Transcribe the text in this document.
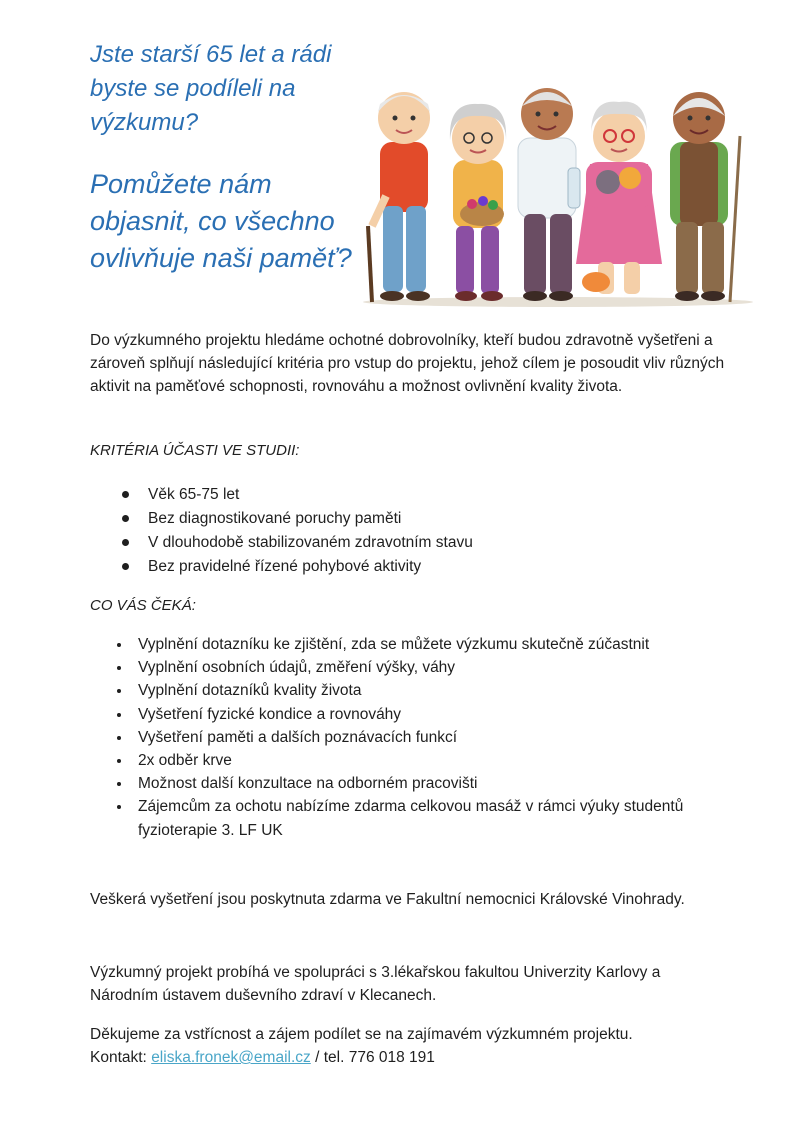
Jste starší 65 let a rádi byste se podíleli na výzkumu?

Pomůžete nám objasnit, co všechno ovlivňuje naši paměť?

Do výzkumného projektu hledáme ochotné dobrovolníky, kteří budou zdravotně vyšetřeni a zároveň splňují následující kritéria pro vstup do projektu, jehož cílem je posoudit vliv různých aktivit na paměťové schopnosti, rovnováhu a možnost ovlivnění kvality života.

KRITÉRIA ÚČASTI VE STUDII:

Věk 65-75 let
Bez diagnostikované poruchy paměti
V dlouhodobě stabilizovaném zdravotním stavu
Bez pravidelné řízené pohybové aktivity

CO VÁS ČEKÁ:

Vyplnění dotazníku ke zjištění, zda se můžete výzkumu skutečně zúčastnit
Vyplnění osobních údajů, změření výšky, váhy
Vyplnění dotazníků kvality života
Vyšetření fyzické kondice a rovnováhy
Vyšetření paměti a dalších poznávacích funkcí
2x odběr krve
Možnost další konzultace na odborném pracovišti
Zájemcům za ochotu nabízíme zdarma celkovou masáž v rámci výuky studentů fyzioterapie 3. LF UK

Veškerá vyšetření jsou poskytnuta zdarma ve Fakultní nemocnici Královské Vinohrady.

Výzkumný projekt probíhá ve spolupráci s 3.lékařskou fakultou Univerzity Karlovy a Národním ústavem duševního zdraví v Klecanech.

Děkujeme za vstřícnost a zájem podílet se na zajímavém výzkumném projektu.

Kontakt: eliska.fronek@email.cz / tel. 776 018 191
